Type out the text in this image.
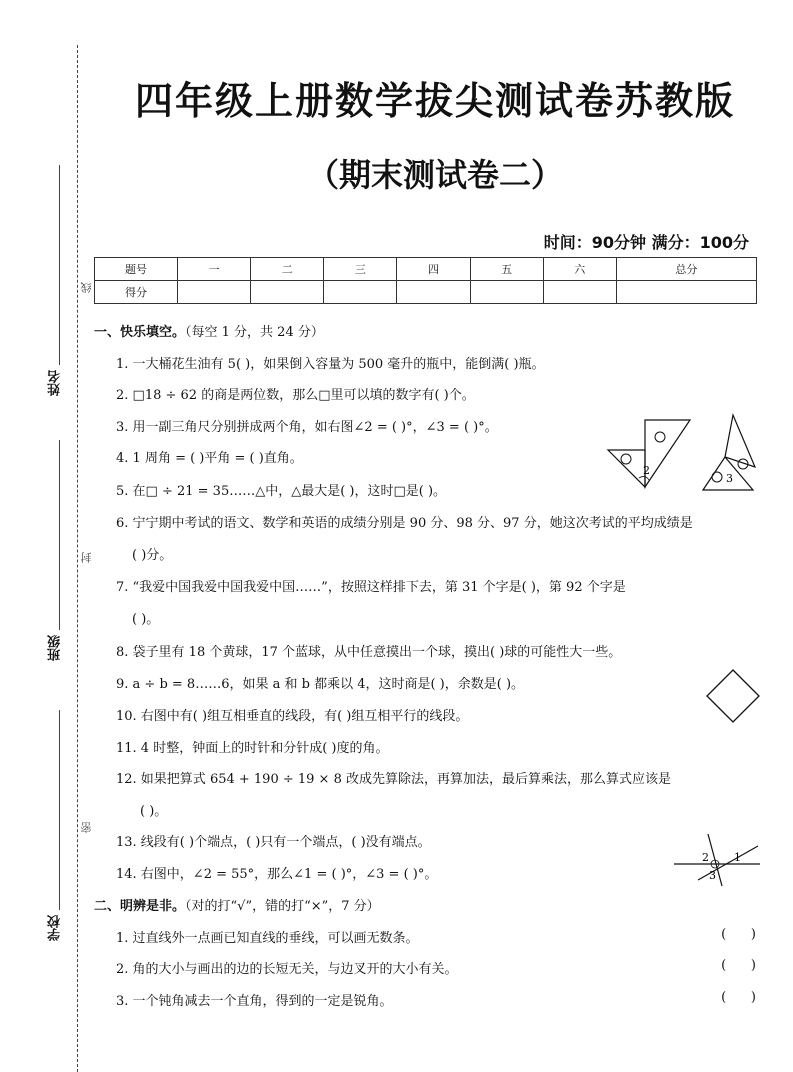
姓名
班级
学校
线
封
密
四年级上册数学拔尖测试卷苏教版
（期末测试卷二）
时间：90分钟 满分：100分
题号	一	二	三	四	五	六	总分
得分							
一、快乐填空。（每空 1 分，共 24 分）
1. 一大桶花生油有 5( )，如果倒入容量为 500 毫升的瓶中，能倒满( )瓶。
2. □18 ÷ 62 的商是两位数，那么□里可以填的数字有( )个。
3. 用一副三角尺分别拼成两个角，如右图∠2 = ( )°，∠3 = ( )°。
4. 1 周角 = ( )平角 = ( )直角。
5. 在□ ÷ 21 = 35……△中，△最大是( )，这时□是( )。
6. 宁宁期中考试的语文、数学和英语的成绩分别是 90 分、98 分、97 分，她这次考试的平均成绩是
( )分。
7. “我爱中国我爱中国我爱中国……”，按照这样排下去，第 31 个字是( )，第 92 个字是
( )。
8. 袋子里有 18 个黄球，17 个蓝球，从中任意摸出一个球，摸出( )球的可能性大一些。
9. a ÷ b = 8……6，如果 a 和 b 都乘以 4，这时商是( )，余数是( )。
10. 右图中有( )组互相垂直的线段，有( )组互相平行的线段。
11. 4 时整，钟面上的时针和分针成( )度的角。
12. 如果把算式 654 + 190 ÷ 19 × 8 改成先算除法，再算加法，最后算乘法，那么算式应该是
( )。
13. 线段有( )个端点，( )只有一个端点，( )没有端点。
14. 右图中，∠2 = 55°，那么∠1 = ( )°，∠3 = ( )°。
二、明辨是非。（对的打“√”，错的打“×”，7 分）
1. 过直线外一点画已知直线的垂线，可以画无数条。	(      )
2. 角的大小与画出的边的长短无关，与边叉开的大小有关。	(      )
3. 一个钝角减去一个直角，得到的一定是锐角。	(      )
2
3
2 1
3
